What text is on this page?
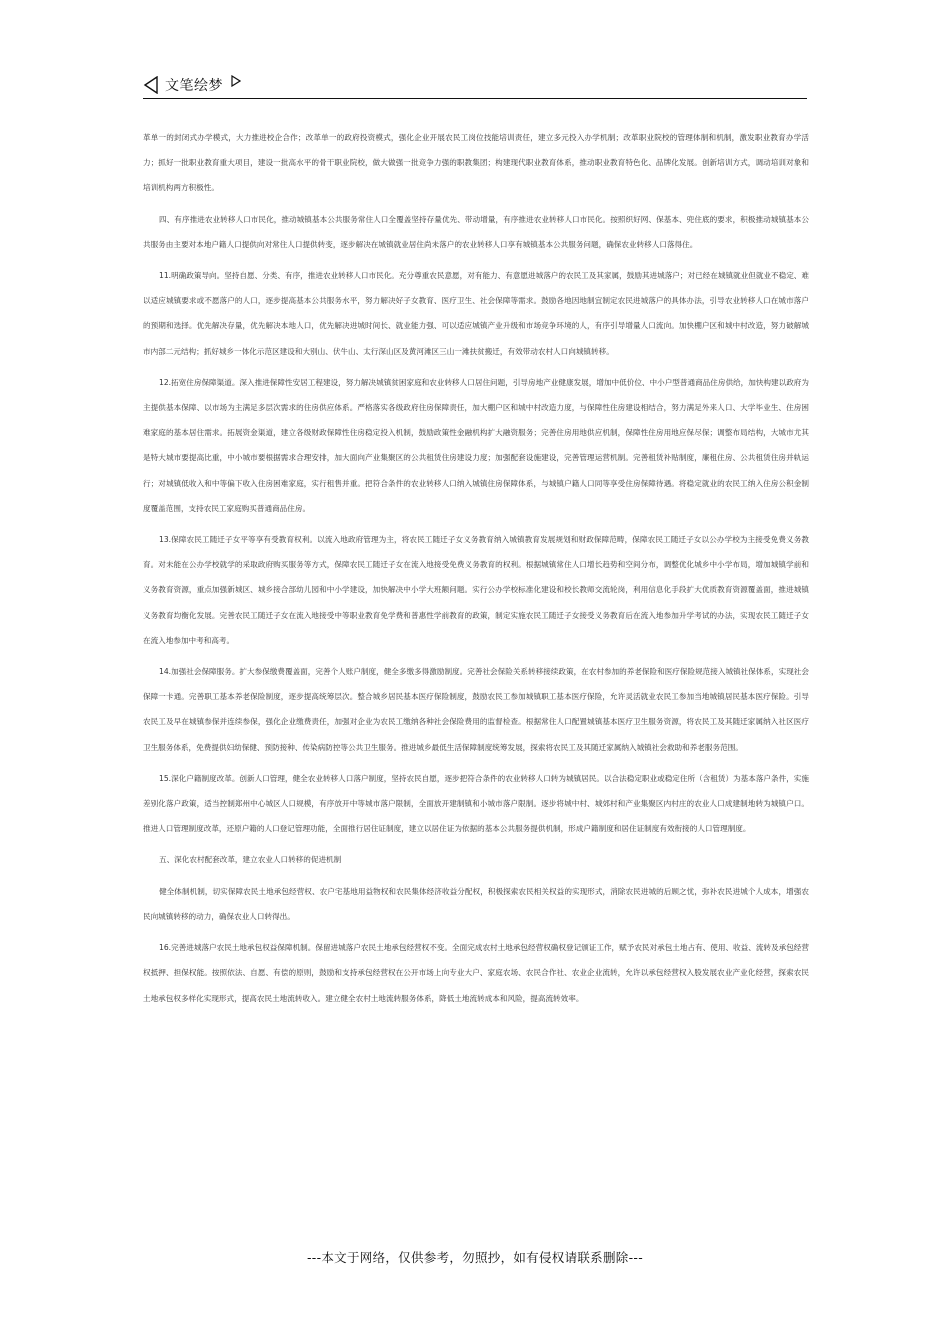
文笔绘梦

革单一的封闭式办学模式，大力推进校企合作；改革单一的政府投资模式，强化企业开展农民工岗位技能培训责任，建立多元投入办学机制；改革职业院校的管理体制和机制，激发职业教育办学活力；抓好一批职业教育重大项目，建设一批高水平的骨干职业院校，做大做强一批竞争力强的职教集团；构建现代职业教育体系，推动职业教育特色化、品牌化发展。创新培训方式，调动培训对象和培训机构两方积极性。

四、有序推进农业转移人口市民化，推动城镇基本公共服务常住人口全覆盖坚持存量优先、带动增量，有序推进农业转移人口市民化。按照织好网、保基本、兜住底的要求，积极推动城镇基本公共服务由主要对本地户籍人口提供向对常住人口提供转变，逐步解决在城镇就业居住尚未落户的农业转移人口享有城镇基本公共服务问题，确保农业转移人口落得住。

11.明确政策导向。坚持自愿、分类、有序，推进农业转移人口市民化。充分尊重农民意愿，对有能力、有意愿进城落户的农民工及其家属，鼓励其进城落户；对已经在城镇就业但就业不稳定、难以适应城镇要求或不愿落户的人口，逐步提高基本公共服务水平，努力解决好子女教育、医疗卫生、社会保障等需求。鼓励各地因地制宜制定农民进城落户的具体办法，引导农业转移人口在城市落户的预期和选择。优先解决存量，优先解决本地人口，优先解决进城时间长、就业能力强、可以适应城镇产业升级和市场竞争环境的人，有序引导增量人口流向。加快棚户区和城中村改造，努力破解城市内部二元结构；抓好城乡一体化示范区建设和大别山、伏牛山、太行深山区及黄河滩区三山一滩扶贫搬迁，有效带动农村人口向城镇转移。

12.拓宽住房保障渠道。深入推进保障性安居工程建设，努力解决城镇贫困家庭和农业转移人口居住问题，引导房地产业健康发展，增加中低价位、中小户型普通商品住房供给，加快构建以政府为主提供基本保障、以市场为主满足多层次需求的住房供应体系。严格落实各级政府住房保障责任，加大棚户区和城中村改造力度，与保障性住房建设相结合，努力满足外来人口、大学毕业生、住房困难家庭的基本居住需求。拓展资金渠道，建立各级财政保障性住房稳定投入机制，鼓励政策性金融机构扩大融资服务；完善住房用地供应机制，保障性住房用地应保尽保；调整布局结构，大城市尤其是特大城市要提高比重，中小城市要根据需求合理安排，加大面向产业集聚区的公共租赁住房建设力度；加强配套设施建设，完善管理运营机制。完善租赁补贴制度，廉租住房、公共租赁住房并轨运行；对城镇低收入和中等偏下收入住房困难家庭，实行租售并重。把符合条件的农业转移人口纳入城镇住房保障体系，与城镇户籍人口同等享受住房保障待遇。将稳定就业的农民工纳入住房公积金制度覆盖范围，支持农民工家庭购买普通商品住房。

13.保障农民工随迁子女平等享有受教育权利。以流入地政府管理为主，将农民工随迁子女义务教育纳入城镇教育发展规划和财政保障范畴，保障农民工随迁子女以公办学校为主接受免费义务教育。对未能在公办学校就学的采取政府购买服务等方式，保障农民工随迁子女在流入地接受免费义务教育的权利。根据城镇常住人口增长趋势和空间分布，调整优化城乡中小学布局，增加城镇学前和义务教育资源，重点加强新城区、城乡接合部幼儿园和中小学建设，加快解决中小学大班额问题。实行公办学校标准化建设和校长教师交流轮岗，利用信息化手段扩大优质教育资源覆盖面，推进城镇义务教育均衡化发展。完善农民工随迁子女在流入地接受中等职业教育免学费和普惠性学前教育的政策，制定实施农民工随迁子女接受义务教育后在流入地参加升学考试的办法，实现农民工随迁子女在流入地参加中考和高考。

14.加强社会保障服务。扩大参保缴费覆盖面，完善个人账户制度，健全多缴多得激励制度。完善社会保险关系转移接续政策，在农村参加的养老保险和医疗保险规范接入城镇社保体系，实现社会保障一卡通。完善职工基本养老保险制度，逐步提高统筹层次。整合城乡居民基本医疗保险制度，鼓励农民工参加城镇职工基本医疗保险，允许灵活就业农民工参加当地城镇居民基本医疗保险。引导农民工及早在城镇参保并连续参保，强化企业缴费责任，加强对企业为农民工缴纳各种社会保险费用的监督检查。根据常住人口配置城镇基本医疗卫生服务资源，将农民工及其随迁家属纳入社区医疗卫生服务体系，免费提供妇幼保健、预防接种、传染病防控等公共卫生服务。推进城乡最低生活保障制度统筹发展，探索将农民工及其随迁家属纳入城镇社会救助和养老服务范围。

15.深化户籍制度改革。创新人口管理，健全农业转移人口落户制度，坚持农民自愿，逐步把符合条件的农业转移人口转为城镇居民。以合法稳定职业或稳定住所（含租赁）为基本落户条件，实施差别化落户政策，适当控制郑州中心城区人口规模，有序放开中等城市落户限制，全面放开建制镇和小城市落户限制。逐步将城中村、城郊村和产业集聚区内村庄的农业人口成建制地转为城镇户口。推进人口管理制度改革，还原户籍的人口登记管理功能，全面推行居住证制度，建立以居住证为依据的基本公共服务提供机制，形成户籍制度和居住证制度有效衔接的人口管理制度。

五、深化农村配套改革，建立农业人口转移的促进机制

健全体制机制，切实保障农民土地承包经营权、农户宅基地用益物权和农民集体经济收益分配权，积极探索农民相关权益的实现形式，消除农民进城的后顾之忧，弥补农民进城个人成本，增强农民向城镇转移的动力，确保农业人口转得出。

16.完善进城落户农民土地承包权益保障机制。保留进城落户农民土地承包经营权不变。全面完成农村土地承包经营权确权登记颁证工作，赋予农民对承包土地占有、使用、收益、流转及承包经营权抵押、担保权能。按照依法、自愿、有偿的原则，鼓励和支持承包经营权在公开市场上向专业大户、家庭农场、农民合作社、农业企业流转，允许以承包经营权入股发展农业产业化经营，探索农民土地承包权多样化实现形式，提高农民土地流转收入。建立健全农村土地流转服务体系，降低土地流转成本和风险，提高流转效率。

---本文于网络，仅供参考，勿照抄，如有侵权请联系删除---
